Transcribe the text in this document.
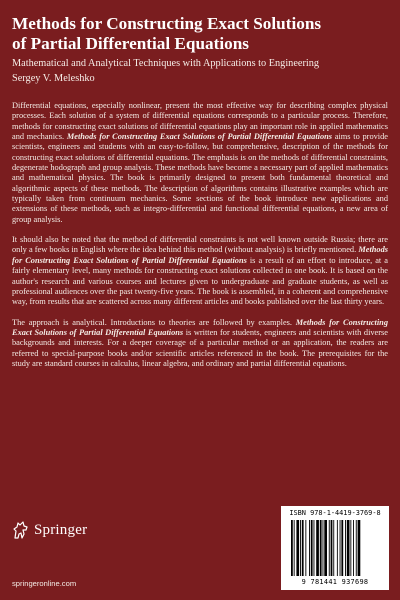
Methods for Constructing Exact Solutions
of Partial Differential Equations
Mathematical and Analytical Techniques with Applications to Engineering
Sergey V. Meleshko

Differential equations, especially nonlinear, present the most effective way for describing complex physical processes. Each solution of a system of differential equations corresponds to a particular process. Therefore, methods for constructing exact solutions of differential equations play an important role in applied mathematics and mechanics. Methods for Constructing Exact Solutions of Partial Differential Equations aims to provide scientists, engineers and students with an easy-to-follow, but comprehensive, description of the methods for constructing exact solutions of differential equations. The emphasis is on the methods of differential constraints, degenerate hodograph and group analysis. These methods have become a necessary part of applied mathematics and mathematical physics. The book is primarily designed to present both fundamental theoretical and algorithmic aspects of these methods. The description of algorithms contains illustrative examples which are typically taken from continuum mechanics. Some sections of the book introduce new applications and extensions of these methods, such as integro-differential and functional differential equations, a new area of group analysis.

It should also be noted that the method of differential constraints is not well known outside Russia; there are only a few books in English where the idea behind this method (without analysis) is briefly mentioned. Methods for Constructing Exact Solutions of Partial Differential Equations is a result of an effort to introduce, at a fairly elementary level, many methods for constructing exact solutions collected in one book. It is based on the author's research and various courses and lectures given to undergraduate and graduate students, as well as professional audiences over the past twenty-five years. The book is assembled, in a coherent and comprehensive way, from results that are scattered across many different articles and books published over the last thirty years.

The approach is analytical. Introductions to theories are followed by examples. Methods for Constructing Exact Solutions of Partial Differential Equations is written for students, engineers and scientists with diverse backgrounds and interests. For a deeper coverage of a particular method or an application, the readers are referred to special-purpose books and/or scientific articles referenced in the book. The prerequisites for the study are standard courses in calculus, linear algebra, and ordinary and partial differential equations.

Springer
springeronline.com
ISBN 978-1-4419-3769-8
9 781441 937698
